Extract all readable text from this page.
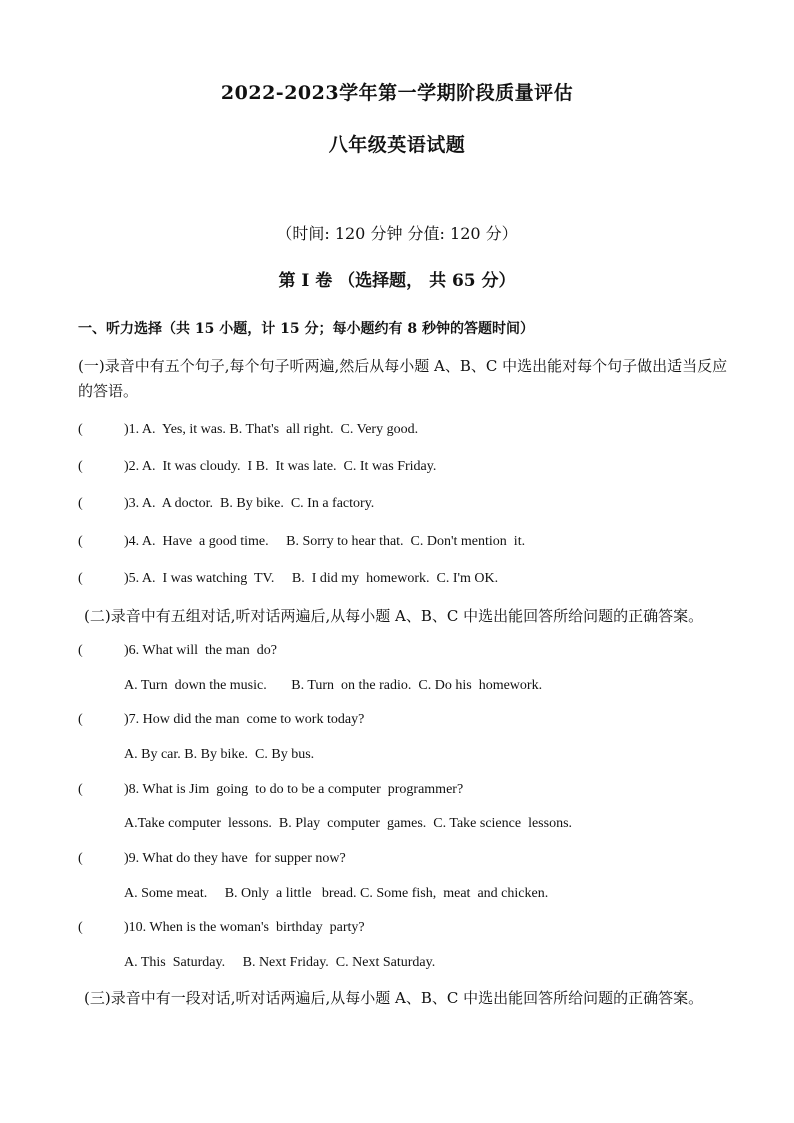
2022-2023学年第一学期阶段质量评估
八年级英语试题
（时间: 120 分钟 分值: 120 分）
第 I 卷 （选择题， 共 65 分）
一、听力选择（共 15 小题，计 15 分；每小题约有 8 秒钟的答题时间）
(一)录音中有五个句子,每个句子听两遍,然后从每小题 A、B、C 中选出能对每个句子做出适当反应的答语。
(      )1. A.  Yes, it was. B. That's  all right.  C. Very good.
(      )2. A.  It was cloudy.  I B.  It was late.  C. It was Friday.
(      )3. A.  A doctor.  B. By bike.  C. In a factory.
(      )4. A.  Have  a good time.     B. Sorry to hear that.  C. Don't mention  it.
(      )5. A.  I was watching  TV.     B.  I did my  homework.  C. I'm OK.
(二)录音中有五组对话,听对话两遍后,从每小题 A、B、C 中选出能回答所给问题的正确答案。
(      )6. What will  the man  do?
A. Turn  down the music.       B. Turn  on the radio.  C. Do his  homework.
(      )7. How did the man  come to work today?
A. By car. B. By bike.  C. By bus.
(      )8. What is Jim  going  to do to be a computer  programmer?
A.Take computer  lessons.  B. Play  computer  games.  C. Take science  lessons.
(      )9. What do they have  for supper now?
A. Some meat.     B. Only  a little   bread. C. Some fish,  meat  and chicken.
(      )10. When is the woman's  birthday  party?
A. This  Saturday.     B. Next Friday.  C. Next Saturday.
(三)录音中有一段对话,听对话两遍后,从每小题 A、B、C 中选出能回答所给问题的正确答案。
